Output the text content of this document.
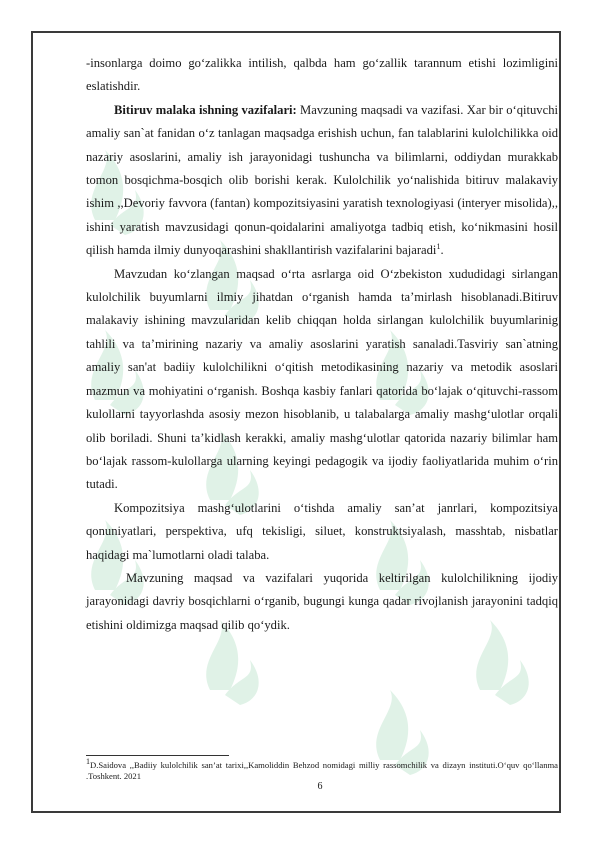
-insonlarga doimo go‘zalikka intilish, qalbda ham go‘zallik tarannum etishi lozimligini eslatishdir.

Bitiruv malaka ishning vazifalari: Mavzuning maqsadi va vazifasi. Xar bir o‘qituvchi amaliy san`at fanidan o‘z tanlagan maqsadga erishish uchun, fan talablarini kulolchilikka oid nazariy asoslarini, amaliy ish jarayonidagi tushuncha va bilimlarni, oddiydan murakkab tomon bosqichma-bosqich olib borishi kerak. Kulolchilik yo‘nalishida bitiruv malakaviy ishim ,,Devoriy favvora (fantan) kompozitsiyasini yaratish texnologiyasi (interyer misolida),, ishini yaratish mavzusidagi qonun-qoidalarini amaliyotga tadbiq etish, ko‘nikmasini hosil qilish hamda ilmiy dunyoqarashini shakllantirish vazifalarini bajaradi$^1$.

Mavzudan ko‘zlangan maqsad o‘rta asrlarga oid O‘zbekiston xududidagi sirlangan kulolchilik buyumlarni ilmiy jihatdan o‘rganish hamda ta’mirlash hisoblanadi.Bitiruv malakaviy ishining mavzularidan kelib chiqqan holda sirlangan kulolchilik buyumlarinig tahlili va ta’mirining nazariy va amaliy asoslarini yaratish sanaladi.Tasviriy san`atning amaliy san'at badiiy kulolchilikni o‘qitish metodikasining nazariy va metodik asoslari mazmun va mohiyatini o‘rganish. Boshqa kasbiy fanlari qatorida bo‘lajak o‘qituvchi-rassom kulollarni tayyorlashda asosiy mezon hisoblanib, u talabalarga amaliy mashg‘ulotlar orqali olib boriladi. Shuni ta’kidlash kerakki, amaliy mashg‘ulotlar qatorida nazariy bilimlar ham bo‘lajak rassom-kulollarga ularning keyingi pedagogik va ijodiy faoliyatlarida muhim o‘rin tutadi.

Kompozitsiya mashg‘ulotlarini o‘tishda amaliy san’at janrlari, kompozitsiya qonuniyatlari, perspektiva, ufq tekisligi, siluet, konstruktsiyalash, masshtab, nisbatlar haqidagi ma`lumotlarni oladi talaba.

Mavzuning maqsad va vazifalari yuqorida keltirilgan kulolchilikning ijodiy jarayonidagi davriy bosqichlarni o‘rganib, bugungi kunga qadar rivojlanish jarayonini tadqiq etishini oldimizga maqsad qilib qo‘ydik.

$^1$D.Saidova ,,Badiiy kulolchilik san’at tarixi,,Kamoliddin Behzod nomidagi milliy rassomchilik va dizayn instituti.O‘quv qo‘llanma .Toshkent. 2021
6
